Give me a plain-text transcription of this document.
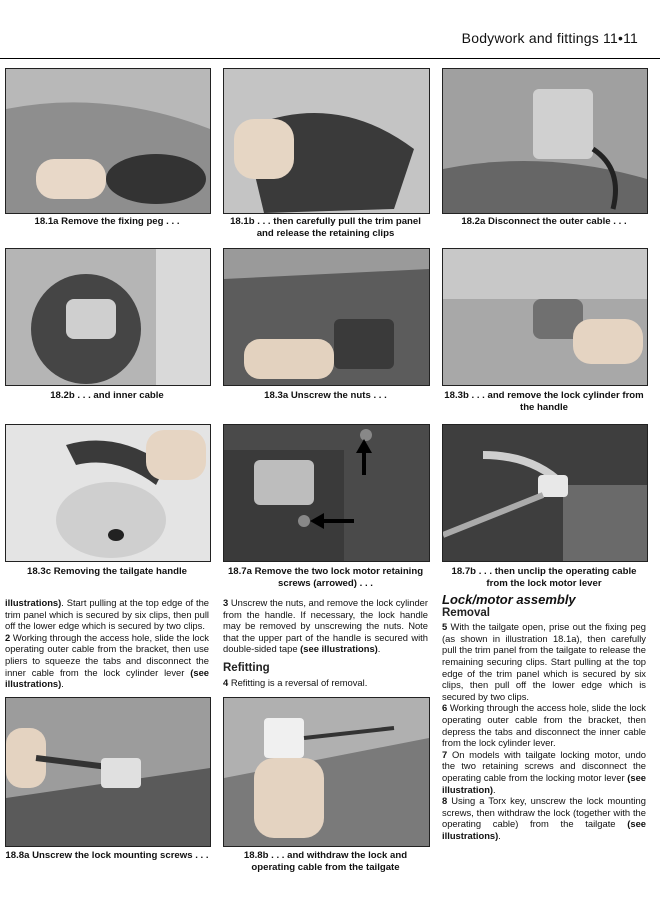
Bodywork and fittings 11•11
18.1a Remove the fixing peg . . .	18.1b . . . then carefully pull the trim panel and release the retaining clips
18.2a Disconnect the outer cable . . .
18.2b . . . and inner cable	18.3a Unscrew the nuts . . .	18.3b . . . and remove the lock cylinder from the handle
18.3c Removing the tailgate handle	18.7a Remove the two lock motor retaining screws (arrowed) . . .
18.7b . . . then unclip the operating cable from the lock motor lever

illustrations). Start pulling at the top edge of the trim panel which is secured by six clips, then pull off the lower edge which is secured by two clips.

2 Working through the access hole, slide the lock operating outer cable from the bracket, then use pliers to squeeze the tabs and disconnect the inner cable from the lock cylinder lever (see illustrations).

3 Unscrew the nuts, and remove the lock cylinder from the handle. If necessary, the lock handle may be removed by unscrewing the nuts. Note that the upper part of the handle is secured with double-sided tape (see illustrations).

Refitting

4 Refitting is a reversal of removal.

Lock/motor assembly
Removal

5 With the tailgate open, prise out the fixing peg (as shown in illustration 18.1a), then carefully pull the trim panel from the tailgate to release the remaining securing clips. Start pulling at the top edge of the trim panel which is secured by six clips, then pull off the lower edge which is secured by two clips.

6 Working through the access hole, slide the lock operating outer cable from the bracket, then depress the tabs and disconnect the inner cable from the lock cylinder lever.

7 On models with tailgate locking motor, undo the two retaining screws and disconnect the operating cable from the locking motor lever (see illustration).

8 Using a Torx key, unscrew the lock mounting screws, then withdraw the lock (together with the operating cable) from the tailgate (see illustrations).

18.8a Unscrew the lock mounting screws . . .	18.8b . . . and withdraw the lock and operating cable from the tailgate
